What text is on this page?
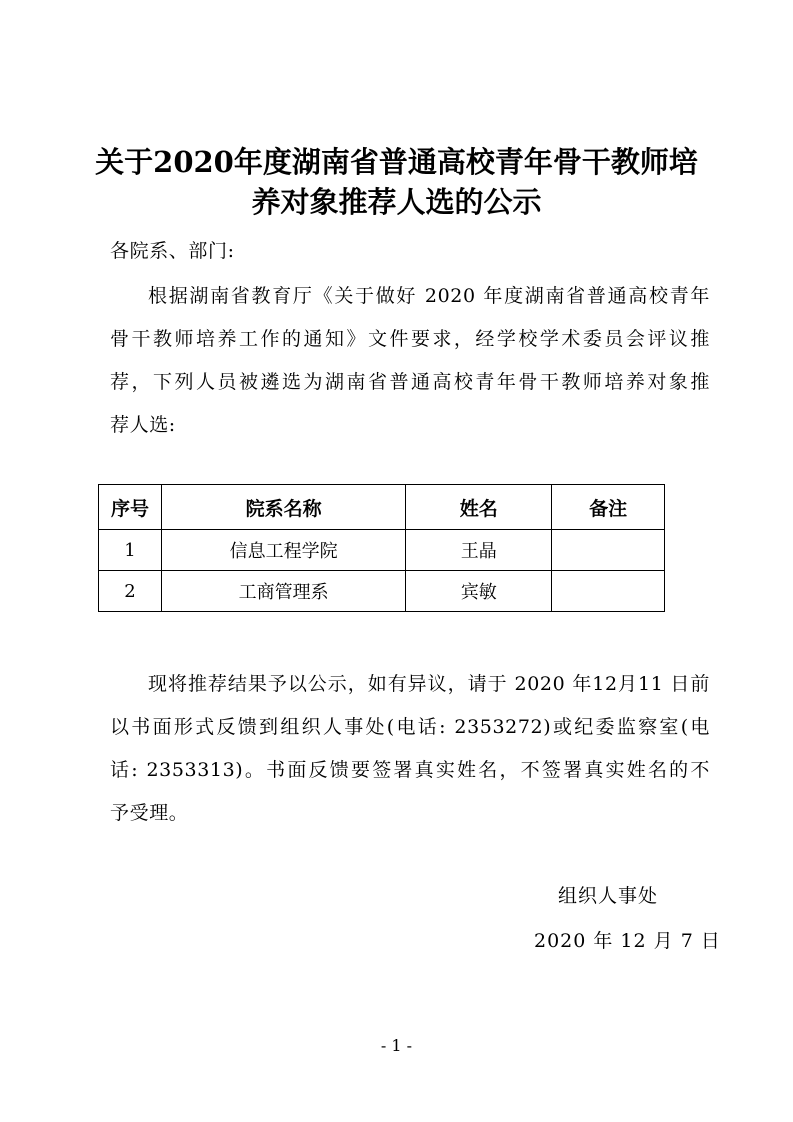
关于2020年度湖南省普通高校青年骨干教师培
养对象推荐人选的公示
各院系、部门:
根据湖南省教育厅《关于做好 2020 年度湖南省普通高校青年
骨干教师培养工作的通知》文件要求，经学校学术委员会评议推
荐，下列人员被遴选为湖南省普通高校青年骨干教师培养对象推
荐人选:
序号	院系名称	姓名	备注
1	信息工程学院	王晶	
2	工商管理系	宾敏	
现将推荐结果予以公示，如有异议，请于 2020 年12月11 日前
以书面形式反馈到组织人事处(电话: 2353272)或纪委监察室(电
话: 2353313)。书面反馈要签署真实姓名，不签署真实姓名的不
予受理。
组织人事处
2020 年 12 月 7 日
- 1 -
